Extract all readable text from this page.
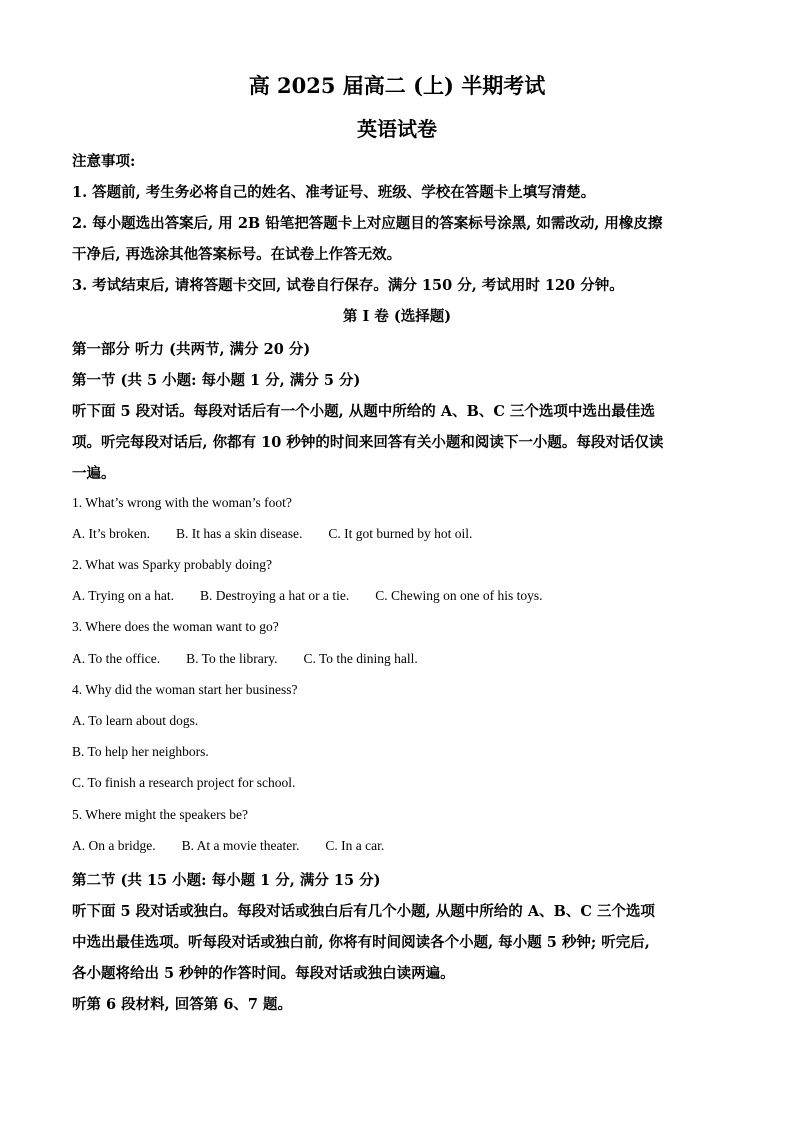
高 2025 届高二 (上) 半期考试
英语试卷
注意事项:
1. 答题前, 考生务必将自己的姓名、准考证号、班级、学校在答题卡上填写清楚。
2. 每小题选出答案后, 用 2B 铅笔把答题卡上对应题目的答案标号涂黑, 如需改动, 用橡皮擦
干净后, 再选涂其他答案标号。在试卷上作答无效。
3. 考试结束后, 请将答题卡交回, 试卷自行保存。满分 150 分, 考试用时 120 分钟。
第 I 卷 (选择题)
第一部分 听力 (共两节, 满分 20 分)
第一节 (共 5 小题: 每小题 1 分, 满分 5 分)
听下面 5 段对话。每段对话后有一个小题, 从题中所给的 A、B、C 三个选项中选出最佳选
项。听完每段对话后, 你都有 10 秒钟的时间来回答有关小题和阅读下一小题。每段对话仅读
一遍。
1. What’s wrong with the woman’s foot?
A. It’s broken. B. It has a skin disease. C. It got burned by hot oil.
2. What was Sparky probably doing?
A. Trying on a hat. B. Destroying a hat or a tie. C. Chewing on one of his toys.
3. Where does the woman want to go?
A. To the office. B. To the library. C. To the dining hall.
4. Why did the woman start her business?
A. To learn about dogs.
B. To help her neighbors.
C. To finish a research project for school.
5. Where might the speakers be?
A. On a bridge. B. At a movie theater. C. In a car.
第二节 (共 15 小题: 每小题 1 分, 满分 15 分)
听下面 5 段对话或独白。每段对话或独白后有几个小题, 从题中所给的 A、B、C 三个选项
中选出最佳选项。听每段对话或独白前, 你将有时间阅读各个小题, 每小题 5 秒钟; 听完后,
各小题将给出 5 秒钟的作答时间。每段对话或独白读两遍。
听第 6 段材料, 回答第 6、7 题。
